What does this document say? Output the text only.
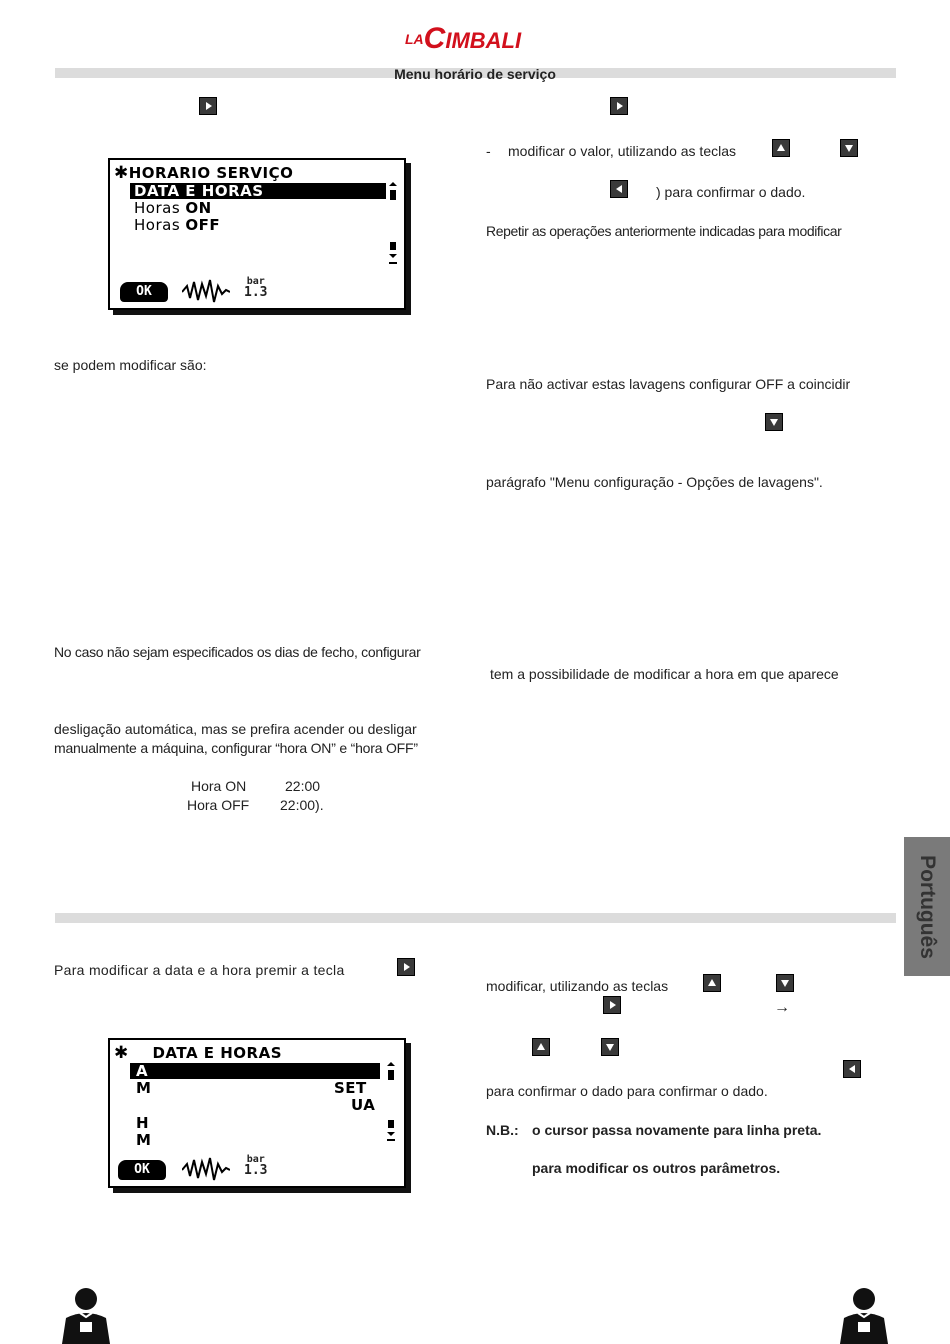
LACIMBALI
Menu horário de serviço
✱HORARIO SERVIÇO
DATA E HORAS
Horas ON
Horas OFF
OK
bar
1.3
se podem modificar são:
No caso não sejam especificados os dias de fecho, configurar
desligação automática, mas se prefira acender ou desligar
manualmente a máquina, configurar “hora ON” e “hora OFF”
Hora ON	22:00
Hora OFF 22:00).
- modificar o valor, utilizando as teclas
) para confirmar o dado.
Repetir as operações anteriormente indicadas para modificar
Para não activar estas lavagens configurar OFF a coincidir
parágrafo "Menu configuração - Opções de lavagens".
tem a possibilidade de modificar a hora em que aparece
Português
Para modificar a data e a hora premir a tecla
✱ DATA E HORAS
A
M	SET
UA
H
M
OK
bar
1.3
modificar, utilizando as teclas
→
para confirmar o dado para confirmar o dado.
N.B.: o cursor passa novamente para linha preta.
para modificar os outros parâmetros.
